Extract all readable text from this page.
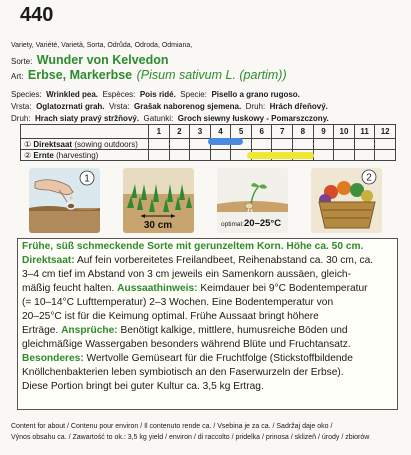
440
Variety, Variété, Varietà, Sorta, Odrůda, Odroda, Odmiana,
Sorte: Wunder von Kelvedon
Art: Erbse, Markerbse (Pisum sativum L. (partim))
Species: Wrinkled pea. Espèces: Pois ridé. Specie: Pisello a grano rugoso.
Vrsta: Oglatozrnati grah. Vrsta: Grašak naborenog sjemena. Druh: Hrách dřeňový.
Druh: Hrach siaty pravý stržňový. Gatunki: Groch siewny łuskowy - Pomarszczony.
	1	2	3	4	5	6	7	8	9	10	11	12
① Direktsaat (sowing outdoors)												
② Ernte (harvesting)												
1
30 cm	optimal: 20–25°C
2
Frühe, süß schmeckende Sorte mit gerunzeltem Korn. Höhe ca. 50 cm.
Direktsaat: Auf fein vorbereitetes Freilandbeet, Reihenabstand ca. 30 cm, ca.
3–4 cm tief im Abstand von 3 cm jeweils ein Samenkorn aussäen, gleich-
mäßig feucht halten. Aussaathinweis: Keimdauer bei 9°C Bodentemperatur
(= 10–14°C Lufttemperatur) 2–3 Wochen. Eine Bodentemperatur von
20–25°C ist für die Keimung optimal. Frühe Aussaat bringt höhere
Erträge. Ansprüche: Benötigt kalkige, mittlere, humusreiche Böden und
gleichmäßige Wassergaben besonders während Blüte und Fruchtansatz.
Besonderes: Wertvolle Gemüseart für die Fruchtfolge (Stickstoffbildende
Knöllchenbakterien leben symbiotisch an den Faserwurzeln der Erbse).
Diese Portion bringt bei guter Kultur ca. 3,5 kg Ertrag.
Content for about / Contenu pour environ / Il contenuto rende ca. / Vsebina je za ca. / Sadržaj daje oko /
Výnos obsahu ca. / Zawartość to ok.: 3,5 kg yield / environ / di raccolto / pridelka / prinosa / sklizeň / úrody / zbiorów
